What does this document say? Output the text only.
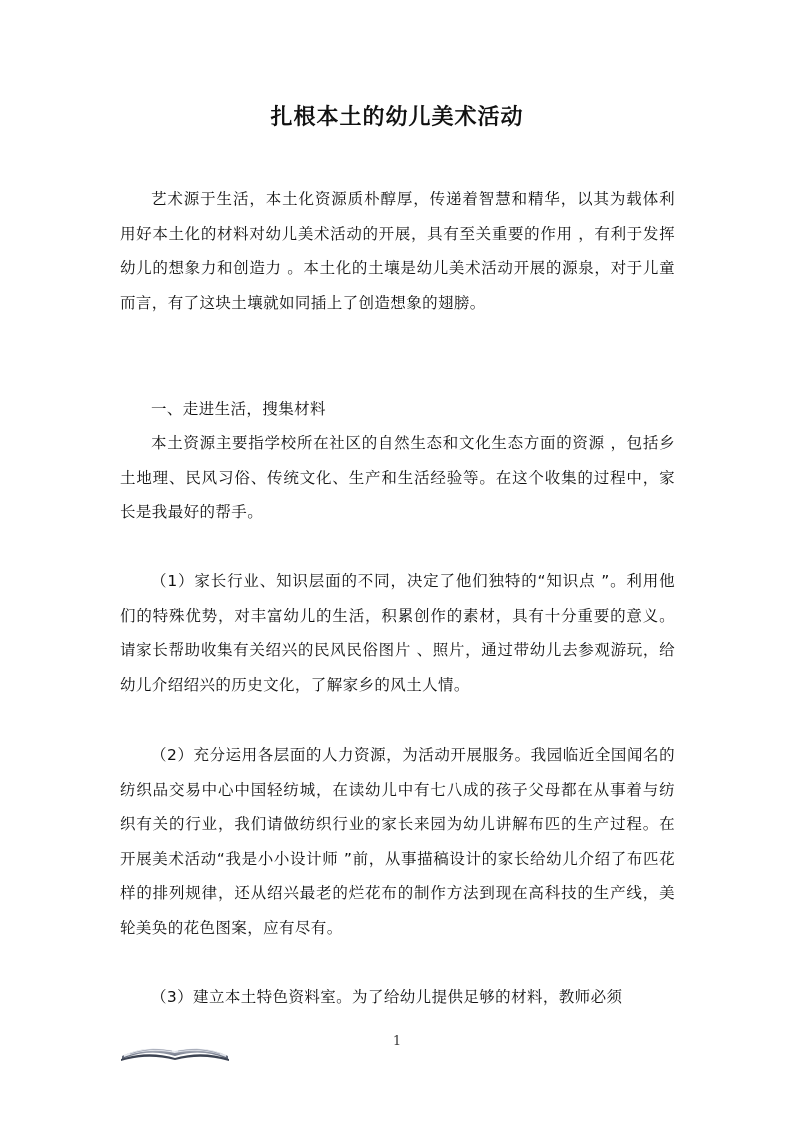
扎根本土的幼儿美术活动

艺术源于生活，本土化资源质朴醇厚，传递着智慧和精华，以其为载体利用好本土化的材料对幼儿美术活动的开展，具有至关重要的作用 ，有利于发挥幼儿的想象力和创造力 。本土化的土壤是幼儿美术活动开展的源泉，对于儿童而言，有了这块土壤就如同插上了创造想象的翅膀。

一、走进生活，搜集材料

本土资源主要指学校所在社区的自然生态和文化生态方面的资源 ，包括乡土地理、民风习俗、传统文化、生产和生活经验等。在这个收集的过程中，家长是我最好的帮手。

（1）家长行业、知识层面的不同，决定了他们独特的“知识点 ”。利用他们的特殊优势，对丰富幼儿的生活，积累创作的素材，具有十分重要的意义。请家长帮助收集有关绍兴的民风民俗图片 、照片，通过带幼儿去参观游玩，给幼儿介绍绍兴的历史文化，了解家乡的风土人情。

（2）充分运用各层面的人力资源，为活动开展服务。我园临近全国闻名的纺织品交易中心中国轻纺城，在读幼儿中有七八成的孩子父母都在从事着与纺织有关的行业，我们请做纺织行业的家长来园为幼儿讲解布匹的生产过程。在开展美术活动“我是小小设计师 ”前，从事描稿设计的家长给幼儿介绍了布匹花样的排列规律，还从绍兴最老的烂花布的制作方法到现在高科技的生产线，美轮美奂的花色图案，应有尽有。

（3）建立本土特色资料室。为了给幼儿提供足够的材料，教师必须

1
